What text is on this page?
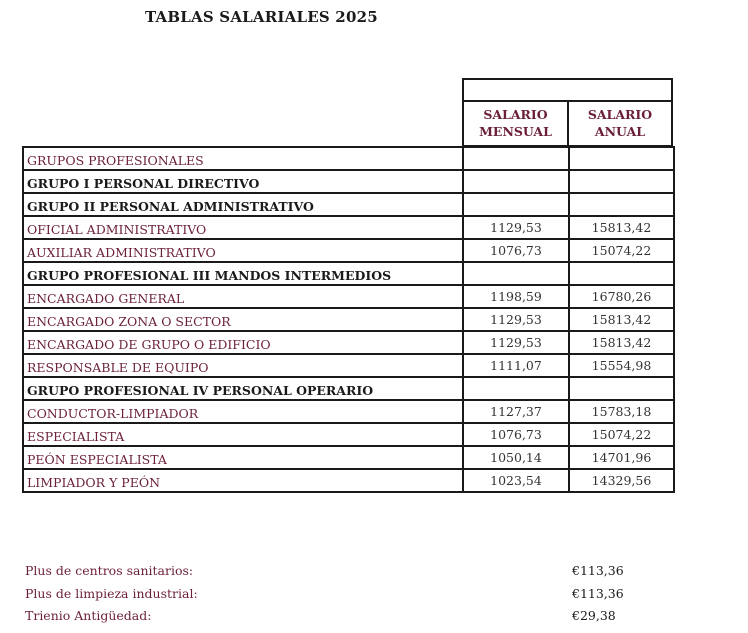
TABLAS SALARIALES 2025
SALARIO
MENSUAL
SALARIO
ANUAL
GRUPOS PROFESIONALES		
GRUPO I PERSONAL DIRECTIVO		
GRUPO II PERSONAL ADMINISTRATIVO		
OFICIAL ADMINISTRATIVO	1129,53	15813,42
AUXILIAR ADMINISTRATIVO	1076,73	15074,22
GRUPO PROFESIONAL III MANDOS INTERMEDIOS		
ENCARGADO GENERAL	1198,59	16780,26
ENCARGADO ZONA O SECTOR	1129,53	15813,42
ENCARGADO DE GRUPO O EDIFICIO	1129,53	15813,42
RESPONSABLE DE EQUIPO	1111,07	15554,98
GRUPO PROFESIONAL IV PERSONAL OPERARIO		
CONDUCTOR-LIMPIADOR	1127,37	15783,18
ESPECIALISTA	1076,73	15074,22
PEÓN ESPECIALISTA	1050,14	14701,96
LIMPIADOR Y PEÓN	1023,54	14329,56
Plus de centros sanitarios:	€113,36
Plus de limpieza industrial:	€113,36
Trienio Antigüedad:	€29,38
